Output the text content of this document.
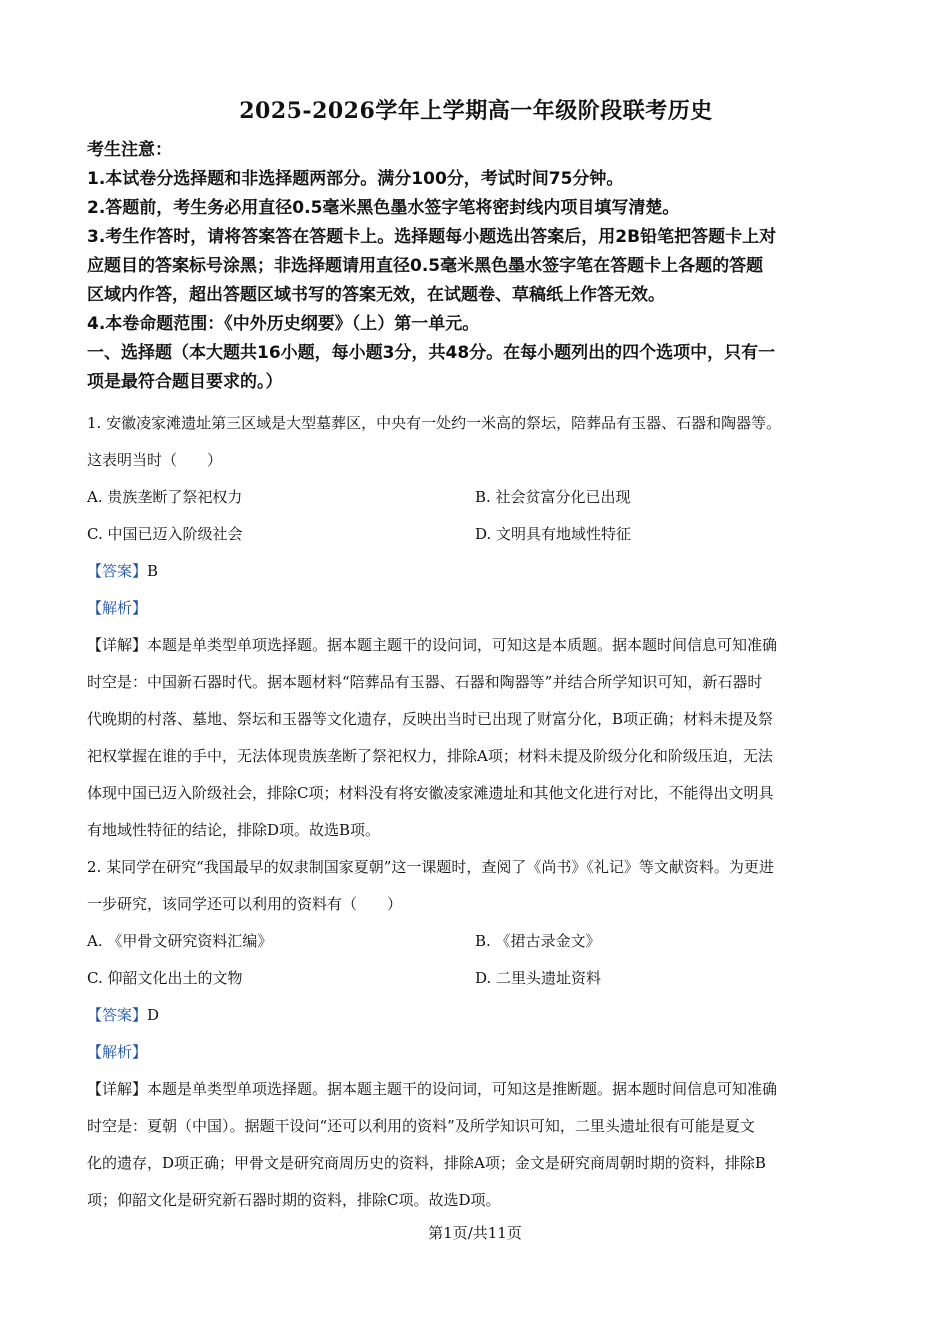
2025-2026学年上学期高一年级阶段联考历史

考生注意：

1.本试卷分选择题和非选择题两部分。满分100分，考试时间75分钟。

2.答题前，考生务必用直径0.5毫米黑色墨水签字笔将密封线内项目填写清楚。

3.考生作答时，请将答案答在答题卡上。选择题每小题选出答案后，用2B铅笔把答题卡上对

应题目的答案标号涂黑；非选择题请用直径0.5毫米黑色墨水签字笔在答题卡上各题的答题

区域内作答，超出答题区域书写的答案无效，在试题卷、草稿纸上作答无效。

4.本卷命题范围：《中外历史纲要》（上）第一单元。

一、选择题（本大题共16小题，每小题3分，共48分。在每小题列出的四个选项中，只有一
项是最符合题目要求的。）

1. 安徽凌家滩遗址第三区域是大型墓葬区，中央有一处约一米高的祭坛，陪葬品有玉器、石器和陶器等。

这表明当时（　　）

A. 贵族垄断了祭祀权力	B. 社会贫富分化已出现
C. 中国已迈入阶级社会	D. 文明具有地域性特征

【答案】B

【解析】

【详解】本题是单类型单项选择题。据本题主题干的设问词，可知这是本质题。据本题时间信息可知准确

时空是：中国新石器时代。据本题材料“陪葬品有玉器、石器和陶器等”并结合所学知识可知，新石器时

代晚期的村落、墓地、祭坛和玉器等文化遗存，反映出当时已出现了财富分化，B项正确；材料未提及祭

祀权掌握在谁的手中，无法体现贵族垄断了祭祀权力，排除A项；材料未提及阶级分化和阶级压迫，无法

体现中国已迈入阶级社会，排除C项；材料没有将安徽凌家滩遗址和其他文化进行对比，不能得出文明具

有地域性特征的结论，排除D项。故选B项。

2. 某同学在研究“我国最早的奴隶制国家夏朝”这一课题时，查阅了《尚书》《礼记》等文献资料。为更进

一步研究，该同学还可以利用的资料有（　　）

A. 《甲骨文研究资料汇编》	B. 《捃古录金文》
C. 仰韶文化出土的文物	D. 二里头遗址资料

【答案】D

【解析】

【详解】本题是单类型单项选择题。据本题主题干的设问词，可知这是推断题。据本题时间信息可知准确

时空是：夏朝（中国）。据题干设问“还可以利用的资料”及所学知识可知，二里头遗址很有可能是夏文

化的遗存，D项正确；甲骨文是研究商周历史的资料，排除A项；金文是研究商周朝时期的资料，排除B

项；仰韶文化是研究新石器时期的资料，排除C项。故选D项。

第1页/共11页
